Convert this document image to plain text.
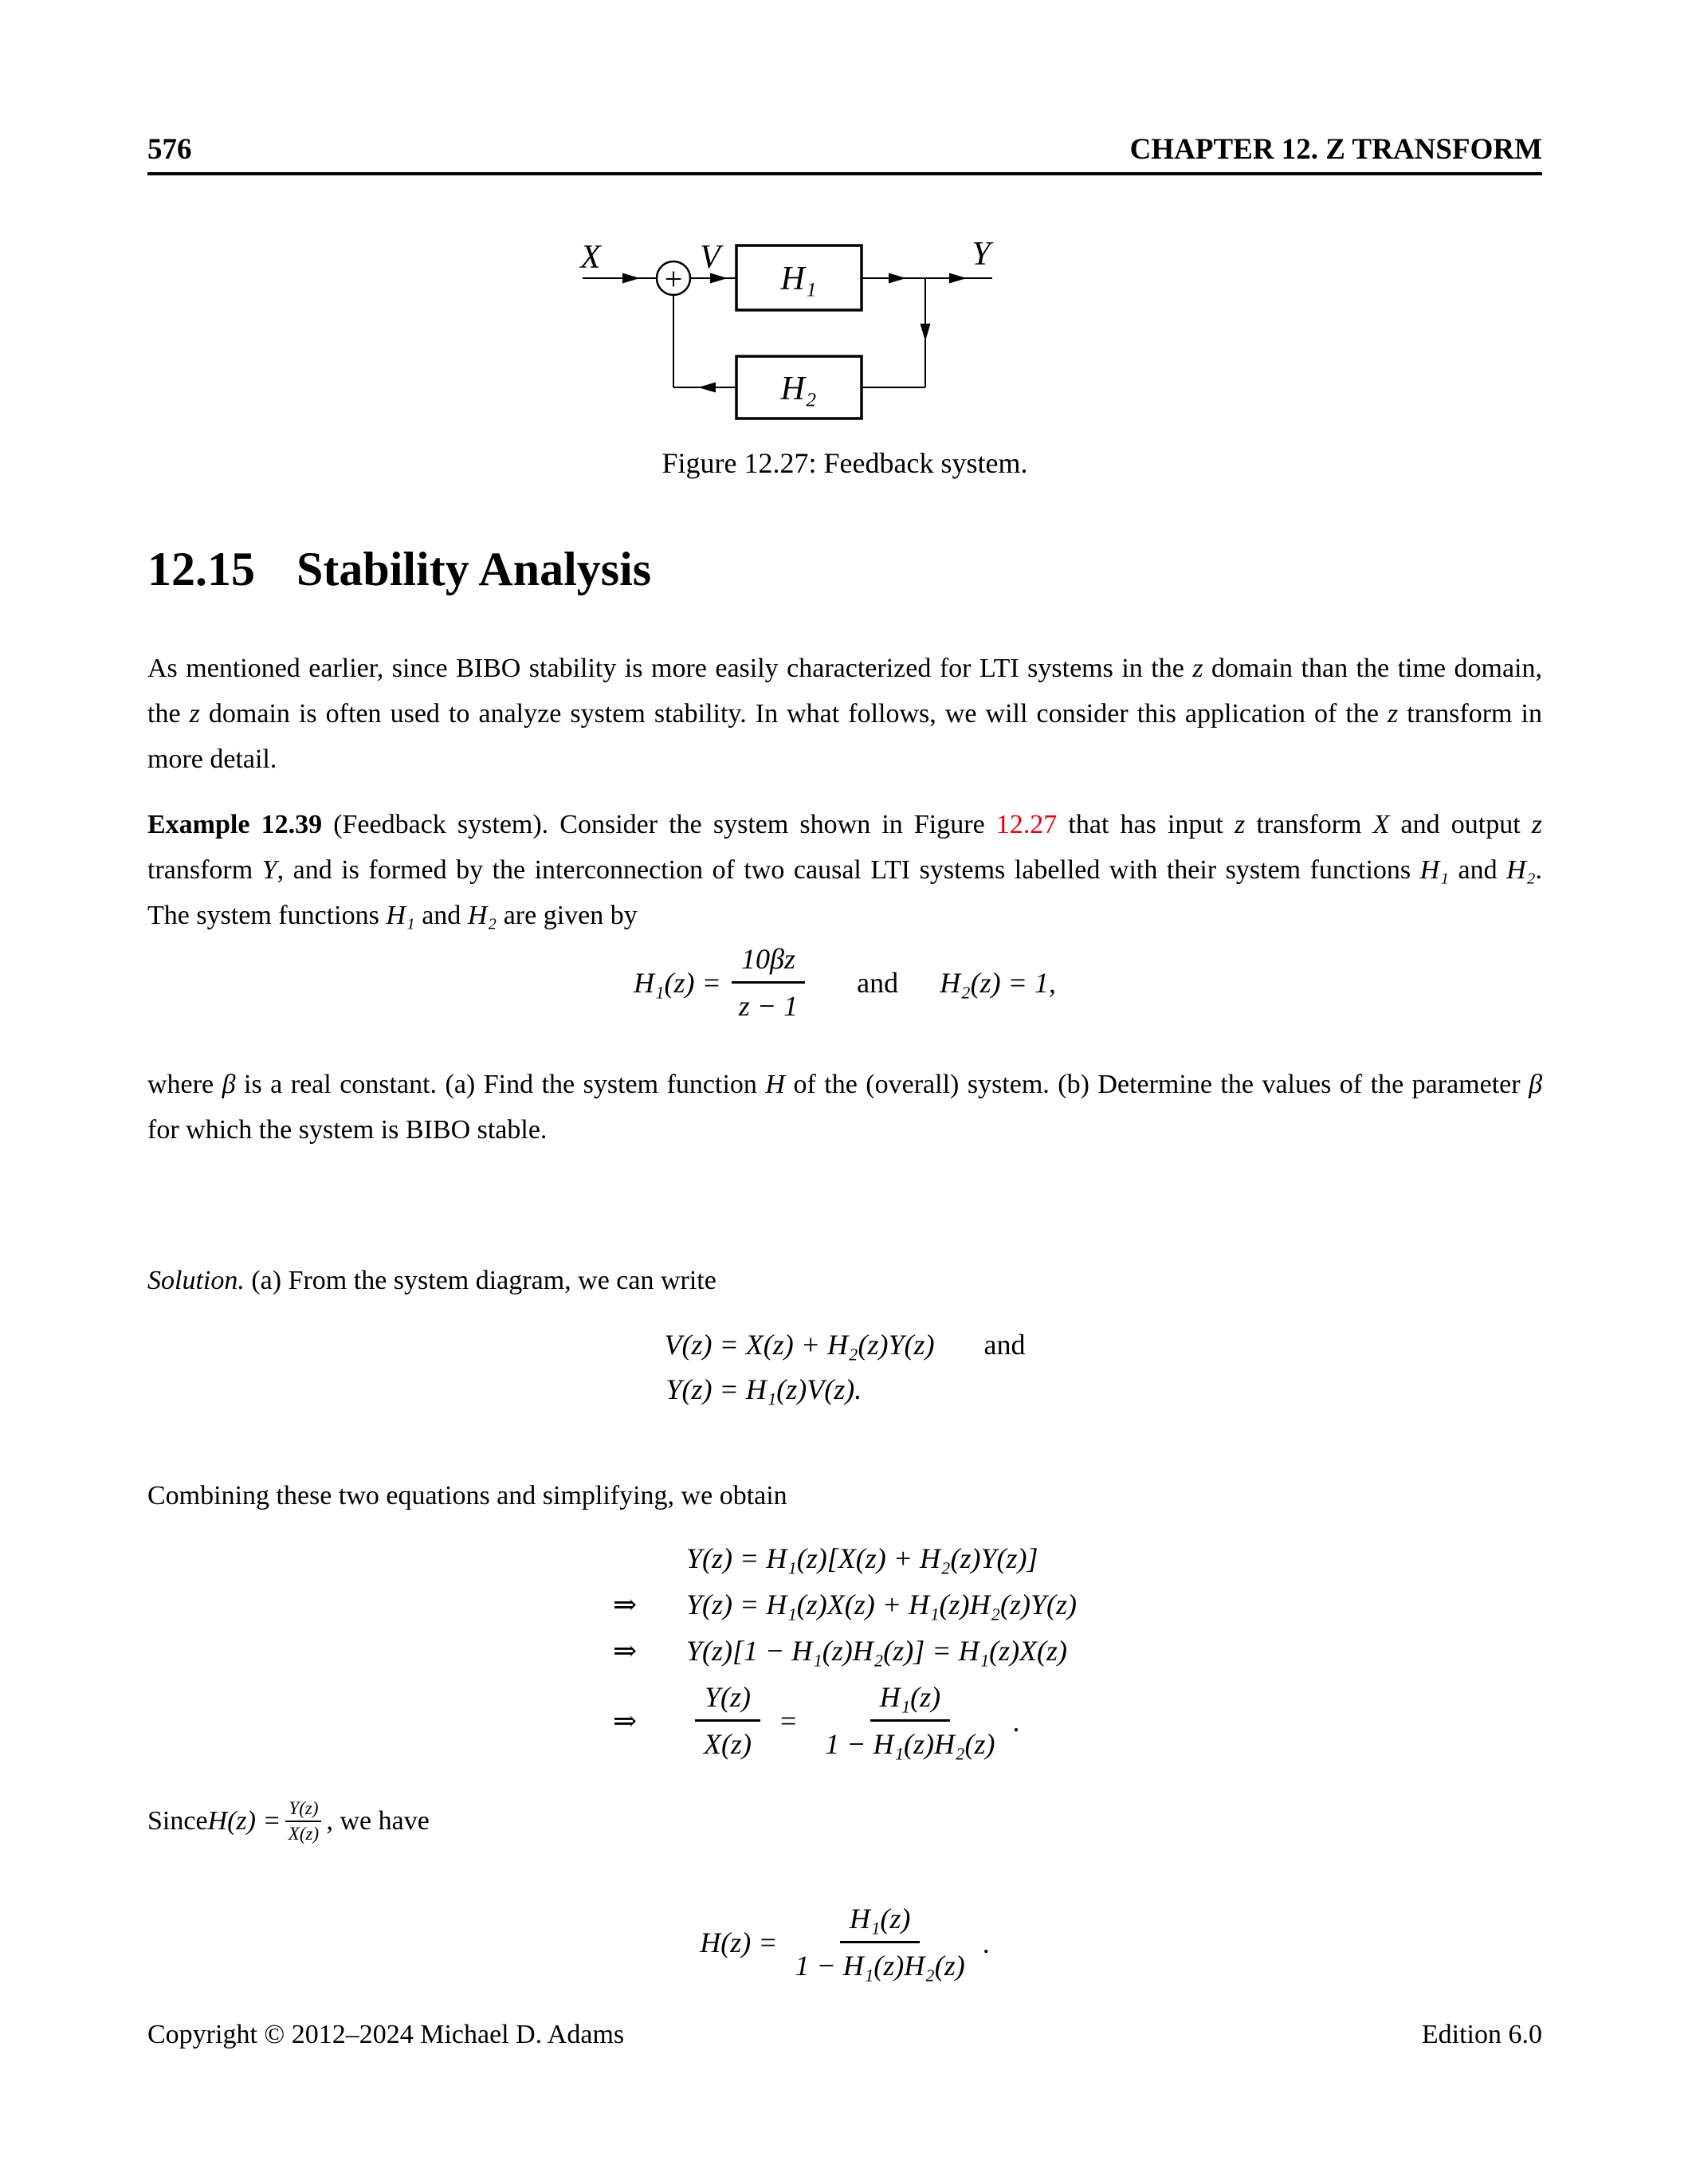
576	CHAPTER 12. Z TRANSFORM
+	H₁
H₂
X	V	Y
Figure 12.27: Feedback system.
12.15 Stability Analysis

As mentioned earlier, since BIBO stability is more easily characterized for LTI systems in the z domain than the time domain, the z domain is often used to analyze system stability. In what follows, we will consider this application of the z transform in more detail.

Example 12.39 (Feedback system). Consider the system shown in Figure 12.27 that has input z transform X and output z transform Y, and is formed by the interconnection of two causal LTI systems labelled with their system functions H₁ and H₂. The system functions H₁ and H₂ are given by

$H_1(z) = \frac{10\beta z}{z - 1}$	and	H₂(z) = 1,

where β is a real constant. (a) Find the system function H of the (overall) system. (b) Determine the values of the parameter β for which the system is BIBO stable.

Solution. (a) From the system diagram, we can write

V(z) = X(z) + H₂(z)Y(z)	and
Y(z) = H₁(z)V(z).

Combining these two equations and simplifying, we obtain

Y(z) = H₁(z)[X(z) + H₂(z)Y(z)]
⇒	Y(z) = H₁(z)X(z) + H₁(z)H₂(z)Y(z)
⇒	Y(z)[1 − H₁(z)H₂(z)] = H₁(z)X(z)
⇒	$\frac{Y(z)}{X(z)} = \frac{\text{H₁(z)}}{\text{1 − H₁(z)H₂(z)}}$ .

Since $H(z) = \frac{Y(z)}{X(z)}$ , we have

$H(z) = \frac{\text{H₁(z)}}{\text{1 − H₁(z)H₂(z)}}$ .
Copyright © 2012–2024 Michael D. Adams	Edition 6.0
